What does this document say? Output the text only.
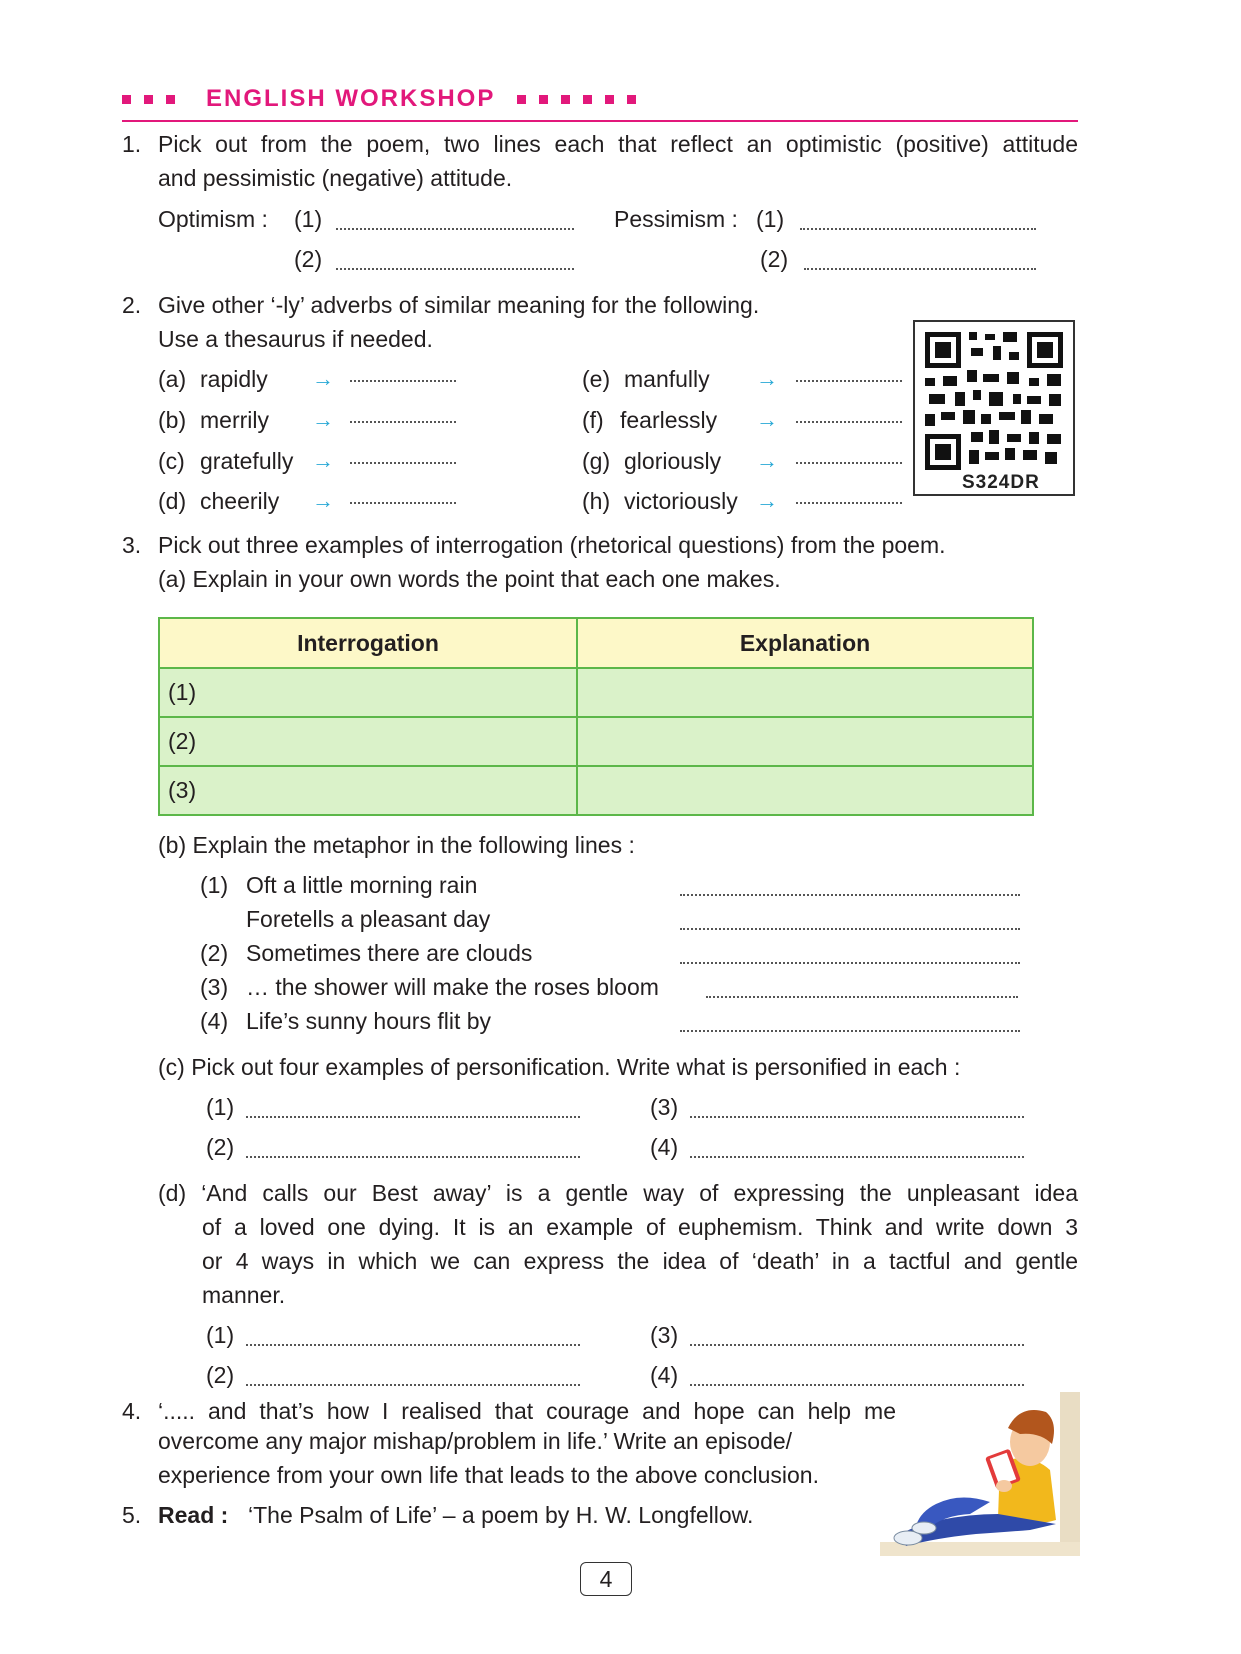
ENGLISH WORKSHOP
1. Pick out from the poem, two lines each that reflect an optimistic (positive) attitude
and pessimistic (negative) attitude.
Optimism : (1)
(2)
Pessimism : (1)
(2)
2. Give other ‘-ly’ adverbs of similar meaning for the following.
Use a thesaurus if needed.
(a) rapidly →
(b) merrily →
(c) gratefully →
(d) cheerily →
(e) manfully →
(f) fearlessly →
(g) gloriously →
(h) victoriously →
S324DR
3. Pick out three examples of interrogation (rhetorical questions) from the poem.
(a) Explain in your own words the point that each one makes.
Interrogation	Explanation
(1)	
(2)	
(3)	
(b) Explain the metaphor in the following lines :
(1) Oft a little morning rain
Foretells a pleasant day
(2) Sometimes there are clouds
(3) … the shower will make the roses bloom
(4) Life’s sunny hours flit by
(c) Pick out four examples of personification. Write what is personified in each :
(1)
(2)
(3)
(4)
(d) ‘And calls our Best away’ is a gentle way of expressing the unpleasant idea
of a loved one dying. It is an example of euphemism. Think and write down 3
or 4 ways in which we can express the idea of ‘death’ in a tactful and gentle
manner.
(1)
(2)
(3)
(4)
4. ‘..... and that’s how I realised that courage and hope can help me
overcome any major mishap/problem in life.’ Write an episode/
experience from your own life that leads to the above conclusion.
5. Read : ‘The Psalm of Life’ – a poem by H. W. Longfellow.
4
